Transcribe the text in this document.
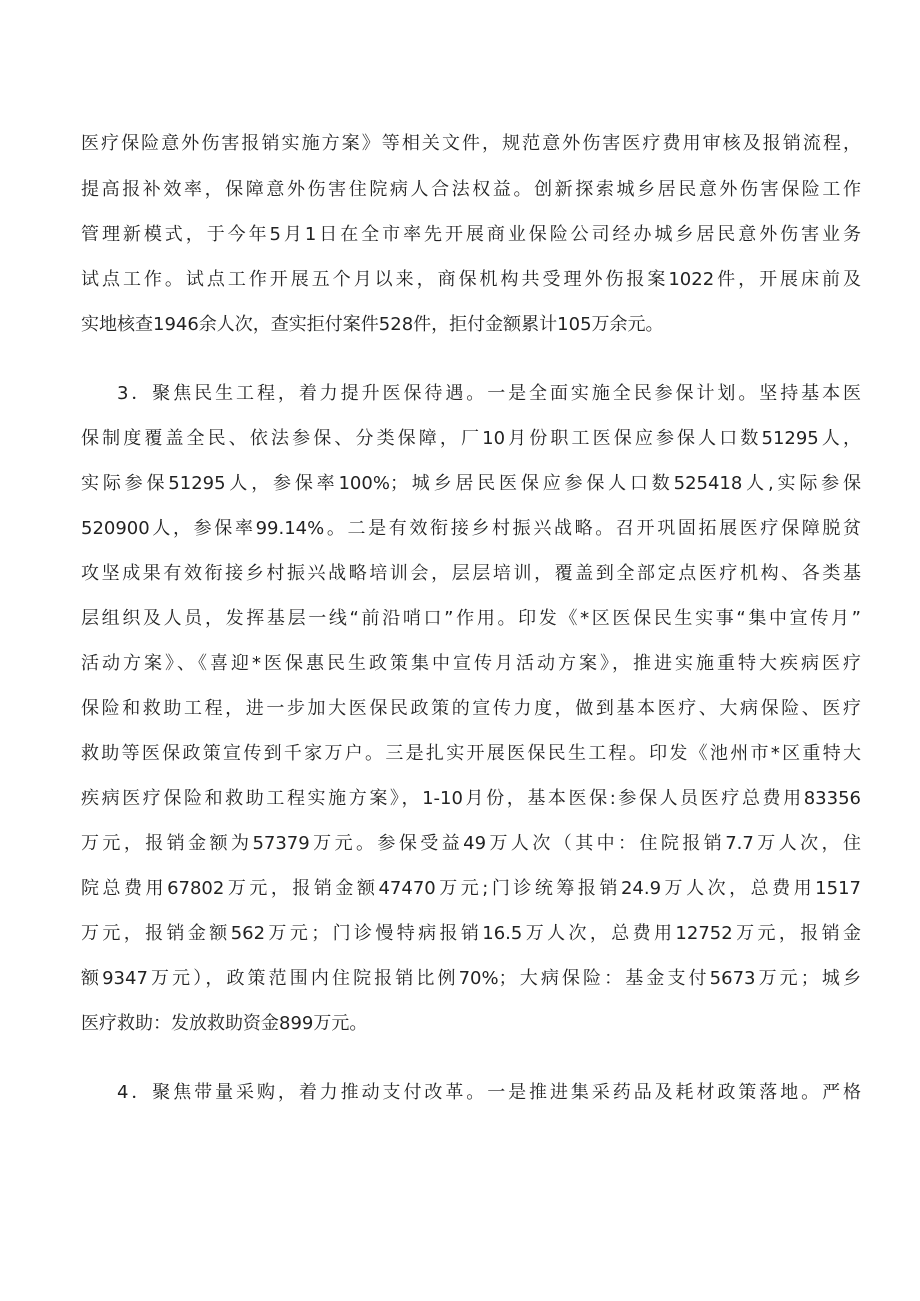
医疗保险意外伤害报销实施方案》等相关文件，规范意外伤害医疗费用审核及报销流程，
提高报补效率，保障意外伤害住院病人合法权益。创新探索城乡居民意外伤害保险工作
管理新模式，于今年5月1日在全市率先开展商业保险公司经办城乡居民意外伤害业务
试点工作。试点工作开展五个月以来，商保机构共受理外伤报案1022件，开展床前及
实地核查1946余人次，查实拒付案件528件，拒付金额累计105万余元。
3．聚焦民生工程，着力提升医保待遇。一是全面实施全民参保计划。坚持基本医
保制度覆盖全民、依法参保、分类保障，厂10月份职工医保应参保人口数51295人，
实际参保51295人，参保率100%；城乡居民医保应参保人口数525418人,实际参保
520900人，参保率99.14%。二是有效衔接乡村振兴战略。召开巩固拓展医疗保障脱贫
攻坚成果有效衔接乡村振兴战略培训会，层层培训，覆盖到全部定点医疗机构、各类基
层组织及人员，发挥基层一线“前沿哨口”作用。印发《*区医保民生实事“集中宣传月”
活动方案》、《喜迎*医保惠民生政策集中宣传月活动方案》，推进实施重特大疾病医疗
保险和救助工程，进一步加大医保民政策的宣传力度，做到基本医疗、大病保险、医疗
救助等医保政策宣传到千家万户。三是扎实开展医保民生工程。印发《池州市*区重特大
疾病医疗保险和救助工程实施方案》，1-10月份，基本医保:参保人员医疗总费用83356
万元，报销金额为57379万元。参保受益49万人次（其中：住院报销7.7万人次，住
院总费用67802万元，报销金额47470万元;门诊统筹报销24.9万人次，总费用1517
万元，报销金额562万元；门诊慢特病报销16.5万人次，总费用12752万元，报销金
额9347万元），政策范围内住院报销比例70%；大病保险：基金支付5673万元；城乡
医疗救助：发放救助资金899万元。
4．聚焦带量采购，着力推动支付改革。一是推进集采药品及耗材政策落地。严格
